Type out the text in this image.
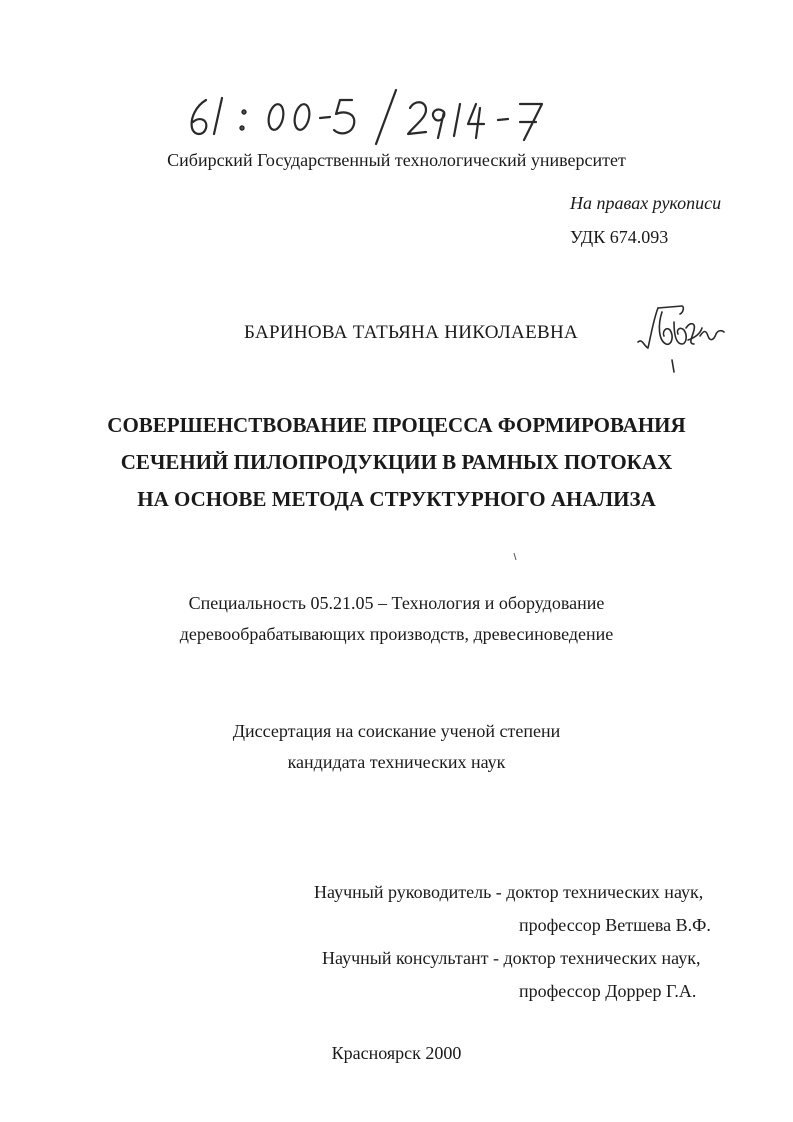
Сибирский Государственный технологический университет
На правах рукописи
УДК 674.093
БАРИНОВА ТАТЬЯНА НИКОЛАЕВНА
СОВЕРШЕНСТВОВАНИЕ ПРОЦЕССА ФОРМИРОВАНИЯ
СЕЧЕНИЙ ПИЛОПРОДУКЦИИ В РАМНЫХ ПОТОКАХ
НА ОСНОВЕ МЕТОДА СТРУКТУРНОГО АНАЛИЗА
Специальность 05.21.05 – Технология и оборудование
деревообрабатывающих производств, древесиноведение
Диссертация на соискание ученой степени
кандидата технических наук
Научный руководитель - доктор технических наук,
профессор Ветшева В.Ф.
Научный консультант - доктор технических наук,
профессор Доррер Г.А.
Красноярск 2000
